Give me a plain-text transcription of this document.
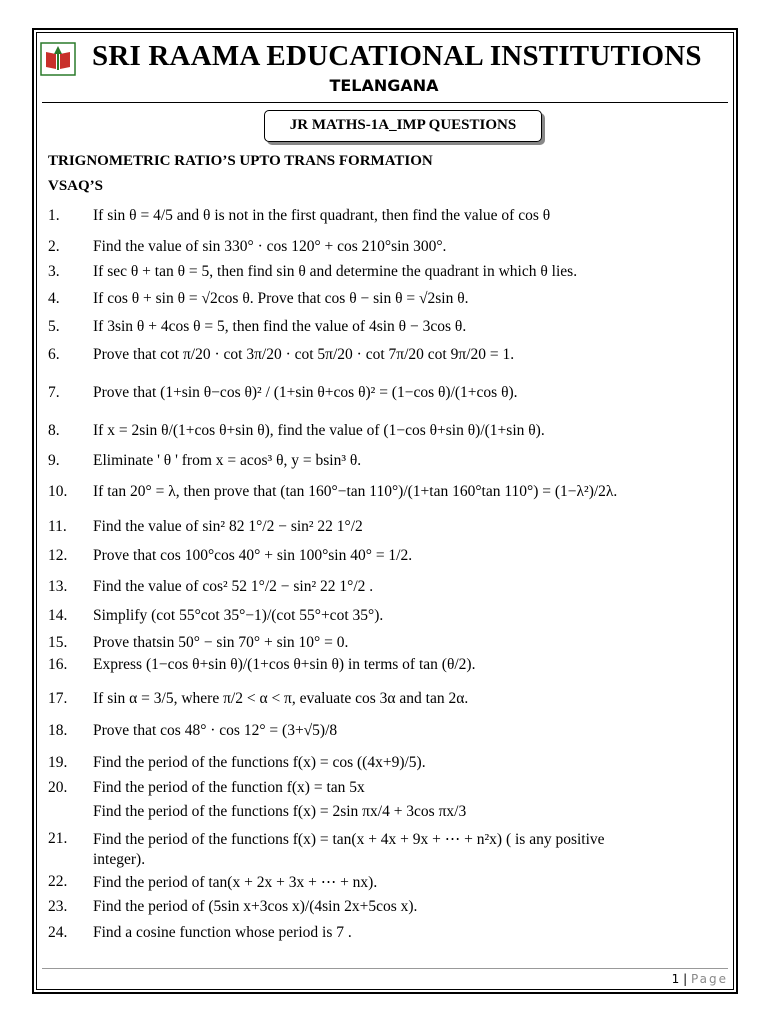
SRI RAAMA EDUCATIONAL INSTITUTIONS
TELANGANA
JR MATHS-1A_IMP QUESTIONS
TRIGNOMETRIC RATIO’S UPTO TRANS FORMATION
VSAQ’S
1. If sin θ = 4/5 and θ is not in the first quadrant, then find the value of cos θ
2. Find the value of sin 330° · cos 120° + cos 210°sin 300°.
3. If sec θ + tan θ = 5, then find sin θ and determine the quadrant in which θ lies.
4. If cos θ + sin θ = √2cos θ. Prove that cos θ − sin θ = √2sin θ.
5. If 3sin θ + 4cos θ = 5, then find the value of 4sin θ − 3cos θ.
6. Prove that cot π/20 · cot 3π/20 · cot 5π/20 · cot 7π/20 cot 9π/20 = 1.
7. Prove that (1+sin θ−cos θ)² / (1+sin θ+cos θ)² = (1−cos θ)/(1+cos θ).
8. If x = 2sin θ/(1+cos θ+sin θ), find the value of (1−cos θ+sin θ)/(1+sin θ).
9. Eliminate ' θ ' from x = acos³ θ, y = bsin³ θ.
10. If tan 20° = λ, then prove that (tan 160°−tan 110°)/(1+tan 160°tan 110°) = (1−λ²)/2λ.
11. Find the value of sin² 82 1°/2 − sin² 22 1°/2
12. Prove that cos 100°cos 40° + sin 100°sin 40° = 1/2.
13. Find the value of cos² 52 1°/2 − sin² 22 1°/2 .
14. Simplify (cot 55°cot 35°−1)/(cot 55°+cot 35°).
15. Prove thatsin 50° − sin 70° + sin 10° = 0.
16. Express (1−cos θ+sin θ)/(1+cos θ+sin θ) in terms of tan (θ/2).
17. If sin α = 3/5, where π/2 < α < π, evaluate cos 3α and tan 2α.
18. Prove that cos 48° · cos 12° = (3+√5)/8
19. Find the period of the functions f(x) = cos ((4x+9)/5).
20. Find the period of the function f(x) = tan 5x
Find the period of the functions f(x) = 2sin πx/4 + 3cos πx/3
21. Find the period of the functions f(x) = tan(x + 4x + 9x + ⋯ + n²x) ( is any positive
integer).
22. Find the period of tan(x + 2x + 3x + ⋯ + nx).
23. Find the period of (5sin x+3cos x)/(4sin 2x+5cos x).
24. Find a cosine function whose period is 7 .
1 | Page
